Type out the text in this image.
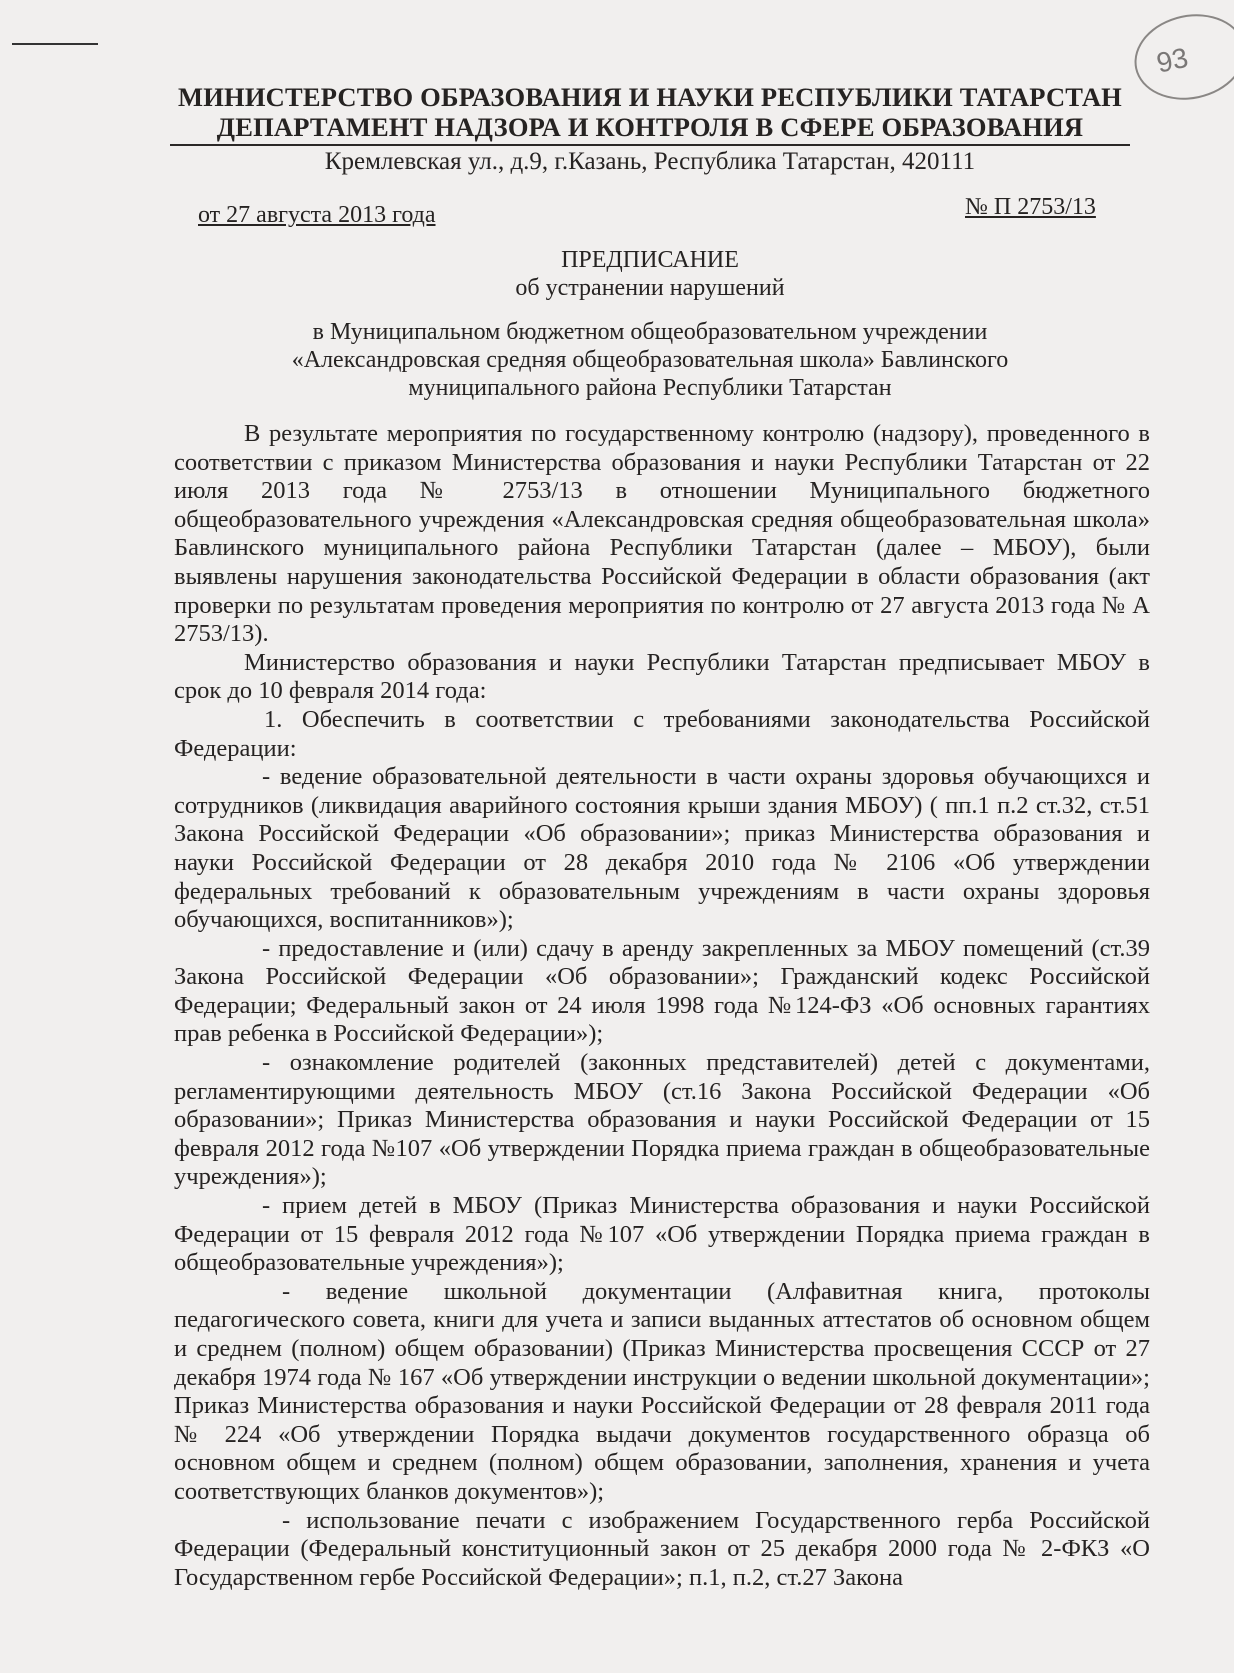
93
МИНИСТЕРСТВО ОБРАЗОВАНИЯ И НАУКИ РЕСПУБЛИКИ ТАТАРСТАН
ДЕПАРТАМЕНТ НАДЗОРА И КОНТРОЛЯ В СФЕРЕ ОБРАЗОВАНИЯ
Кремлевская ул., д.9, г.Казань, Республика Татарстан, 420111
от 27 августа 2013 года	№ П 2753/13
ПРЕДПИСАНИЕ
об устранении нарушений
в Муниципальном бюджетном общеобразовательном учреждении
«Александровская средняя общеобразовательная школа» Бавлинского
муниципального района Республики Татарстан

В результате мероприятия по государственному контролю (надзору), проведенного в соответствии с приказом Министерства образования и науки Республики Татарстан от 22 июля 2013 года № 2753/13 в отношении Муниципального бюджетного общеобразовательного учреждения «Александровская средняя общеобразовательная школа» Бавлинского муниципального района Республики Татарстан (далее – МБОУ), были выявлены нарушения законодательства Российской Федерации в области образования (акт проверки по результатам проведения мероприятия по контролю от 27 августа 2013 года № А 2753/13).

Министерство образования и науки Республики Татарстан предписывает МБОУ в срок до 10 февраля 2014 года:

1. Обеспечить в соответствии с требованиями законодательства Российской Федерации:

- ведение образовательной деятельности в части охраны здоровья обучающихся и сотрудников (ликвидация аварийного состояния крыши здания МБОУ) ( пп.1 п.2 ст.32, ст.51 Закона Российской Федерации «Об образовании»; приказ Министерства образования и науки Российской Федерации от 28 декабря 2010 года № 2106 «Об утверждении федеральных требований к образовательным учреждениям в части охраны здоровья обучающихся, воспитанников»);

- предоставление и (или) сдачу в аренду закрепленных за МБОУ помещений (ст.39 Закона Российской Федерации «Об образовании»; Гражданский кодекс Российской Федерации; Федеральный закон от 24 июля 1998 года №124-ФЗ «Об основных гарантиях прав ребенка в Российской Федерации»);

- ознакомление родителей (законных представителей) детей с документами, регламентирующими деятельность МБОУ (ст.16 Закона Российской Федерации «Об образовании»; Приказ Министерства образования и науки Российской Федерации от 15 февраля 2012 года №107 «Об утверждении Порядка приема граждан в общеобразовательные учреждения»);

- прием детей в МБОУ (Приказ Министерства образования и науки Российской Федерации от 15 февраля 2012 года №107 «Об утверждении Порядка приема граждан в общеобразовательные учреждения»);

- ведение школьной документации (Алфавитная книга, протоколы педагогического совета, книги для учета и записи выданных аттестатов об основном общем и среднем (полном) общем образовании) (Приказ Министерства просвещения СССР от 27 декабря 1974 года № 167 «Об утверждении инструкции о ведении школьной документации»; Приказ Министерства образования и науки Российской Федерации от 28 февраля 2011 года № 224 «Об утверждении Порядка выдачи документов государственного образца об основном общем и среднем (полном) общем образовании, заполнения, хранения и учета соответствующих бланков документов»);

- использование печати с изображением Государственного герба Российской Федерации (Федеральный конституционный закон от 25 декабря 2000 года № 2-ФКЗ «О Государственном гербе Российской Федерации»; п.1, п.2, ст.27 Закона
